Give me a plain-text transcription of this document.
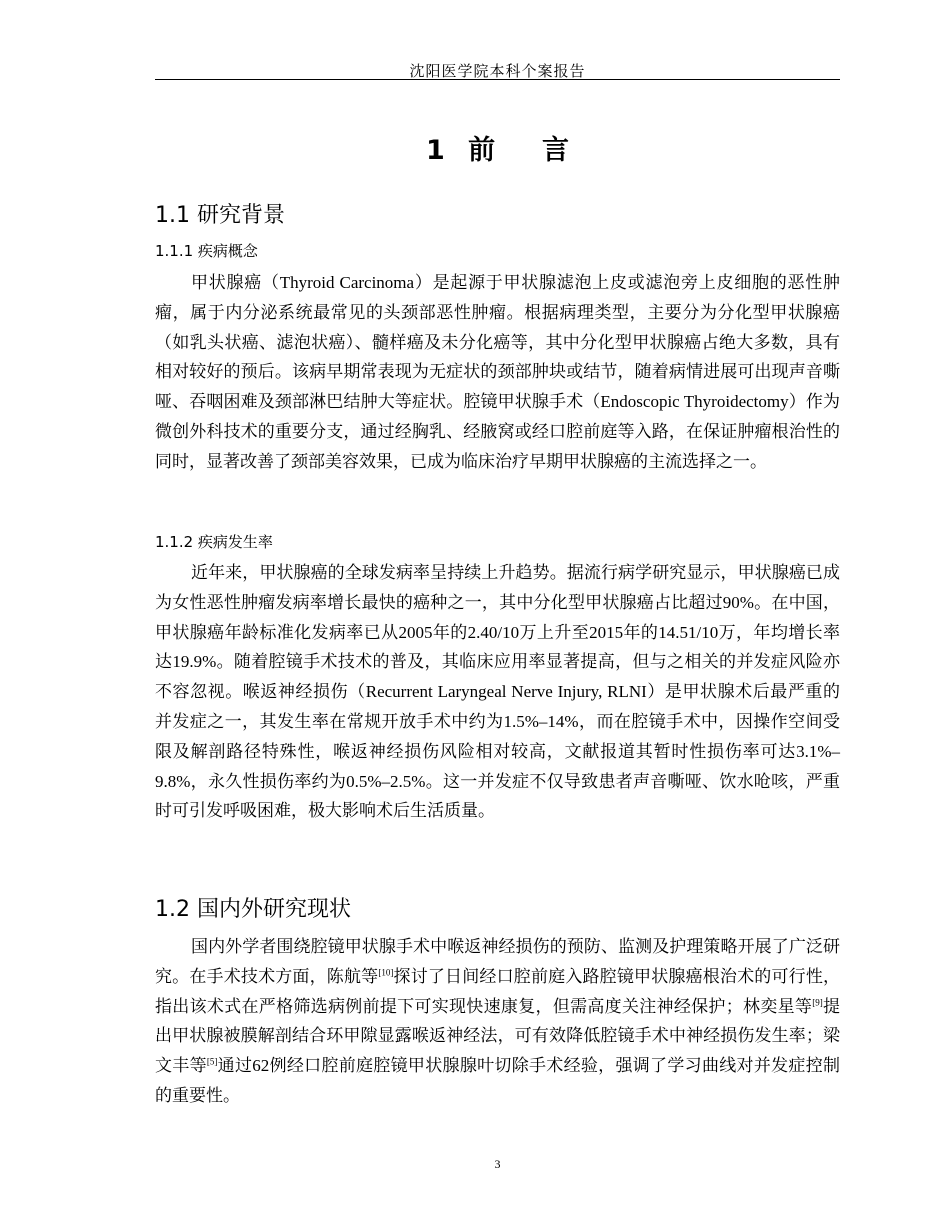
沈阳医学院本科个案报告
1 前  言
1.1 研究背景
1.1.1 疾病概念

甲状腺癌（Thyroid Carcinoma）是起源于甲状腺滤泡上皮或滤泡旁上皮细胞的恶性肿瘤，属于内分泌系统最常见的头颈部恶性肿瘤。根据病理类型，主要分为分化型甲状腺癌（如乳头状癌、滤泡状癌）、髓样癌及未分化癌等，其中分化型甲状腺癌占绝大多数，具有相对较好的预后。该病早期常表现为无症状的颈部肿块或结节，随着病情进展可出现声音嘶哑、吞咽困难及颈部淋巴结肿大等症状。腔镜甲状腺手术（Endoscopic Thyroidectomy）作为微创外科技术的重要分支，通过经胸乳、经腋窝或经口腔前庭等入路，在保证肿瘤根治性的同时，显著改善了颈部美容效果，已成为临床治疗早期甲状腺癌的主流选择之一。

1.1.2 疾病发生率

近年来，甲状腺癌的全球发病率呈持续上升趋势。据流行病学研究显示，甲状腺癌已成为女性恶性肿瘤发病率增长最快的癌种之一，其中分化型甲状腺癌占比超过90%。在中国，甲状腺癌年龄标准化发病率已从2005年的2.40/10万上升至2015年的14.51/10万，年均增长率达19.9%。随着腔镜手术技术的普及，其临床应用率显著提高，但与之相关的并发症风险亦不容忽视。喉返神经损伤（Recurrent Laryngeal Nerve Injury, RLNI）是甲状腺术后最严重的并发症之一，其发生率在常规开放手术中约为1.5%–14%，而在腔镜手术中，因操作空间受限及解剖路径特殊性，喉返神经损伤风险相对较高，文献报道其暂时性损伤率可达3.1%–9.8%，永久性损伤率约为0.5%–2.5%。这一并发症不仅导致患者声音嘶哑、饮水呛咳，严重时可引发呼吸困难，极大影响术后生活质量。

1.2 国内外研究现状

国内外学者围绕腔镜甲状腺手术中喉返神经损伤的预防、监测及护理策略开展了广泛研究。在手术技术方面，陈航等[10]探讨了日间经口腔前庭入路腔镜甲状腺癌根治术的可行性，指出该术式在严格筛选病例前提下可实现快速康复，但需高度关注神经保护；林奕星等[9]提出甲状腺被膜解剖结合环甲隙显露喉返神经法，可有效降低腔镜手术中神经损伤发生率；梁文丰等[5]通过62例经口腔前庭腔镜甲状腺腺叶切除手术经验，强调了学习曲线对并发症控制的重要性。

3
